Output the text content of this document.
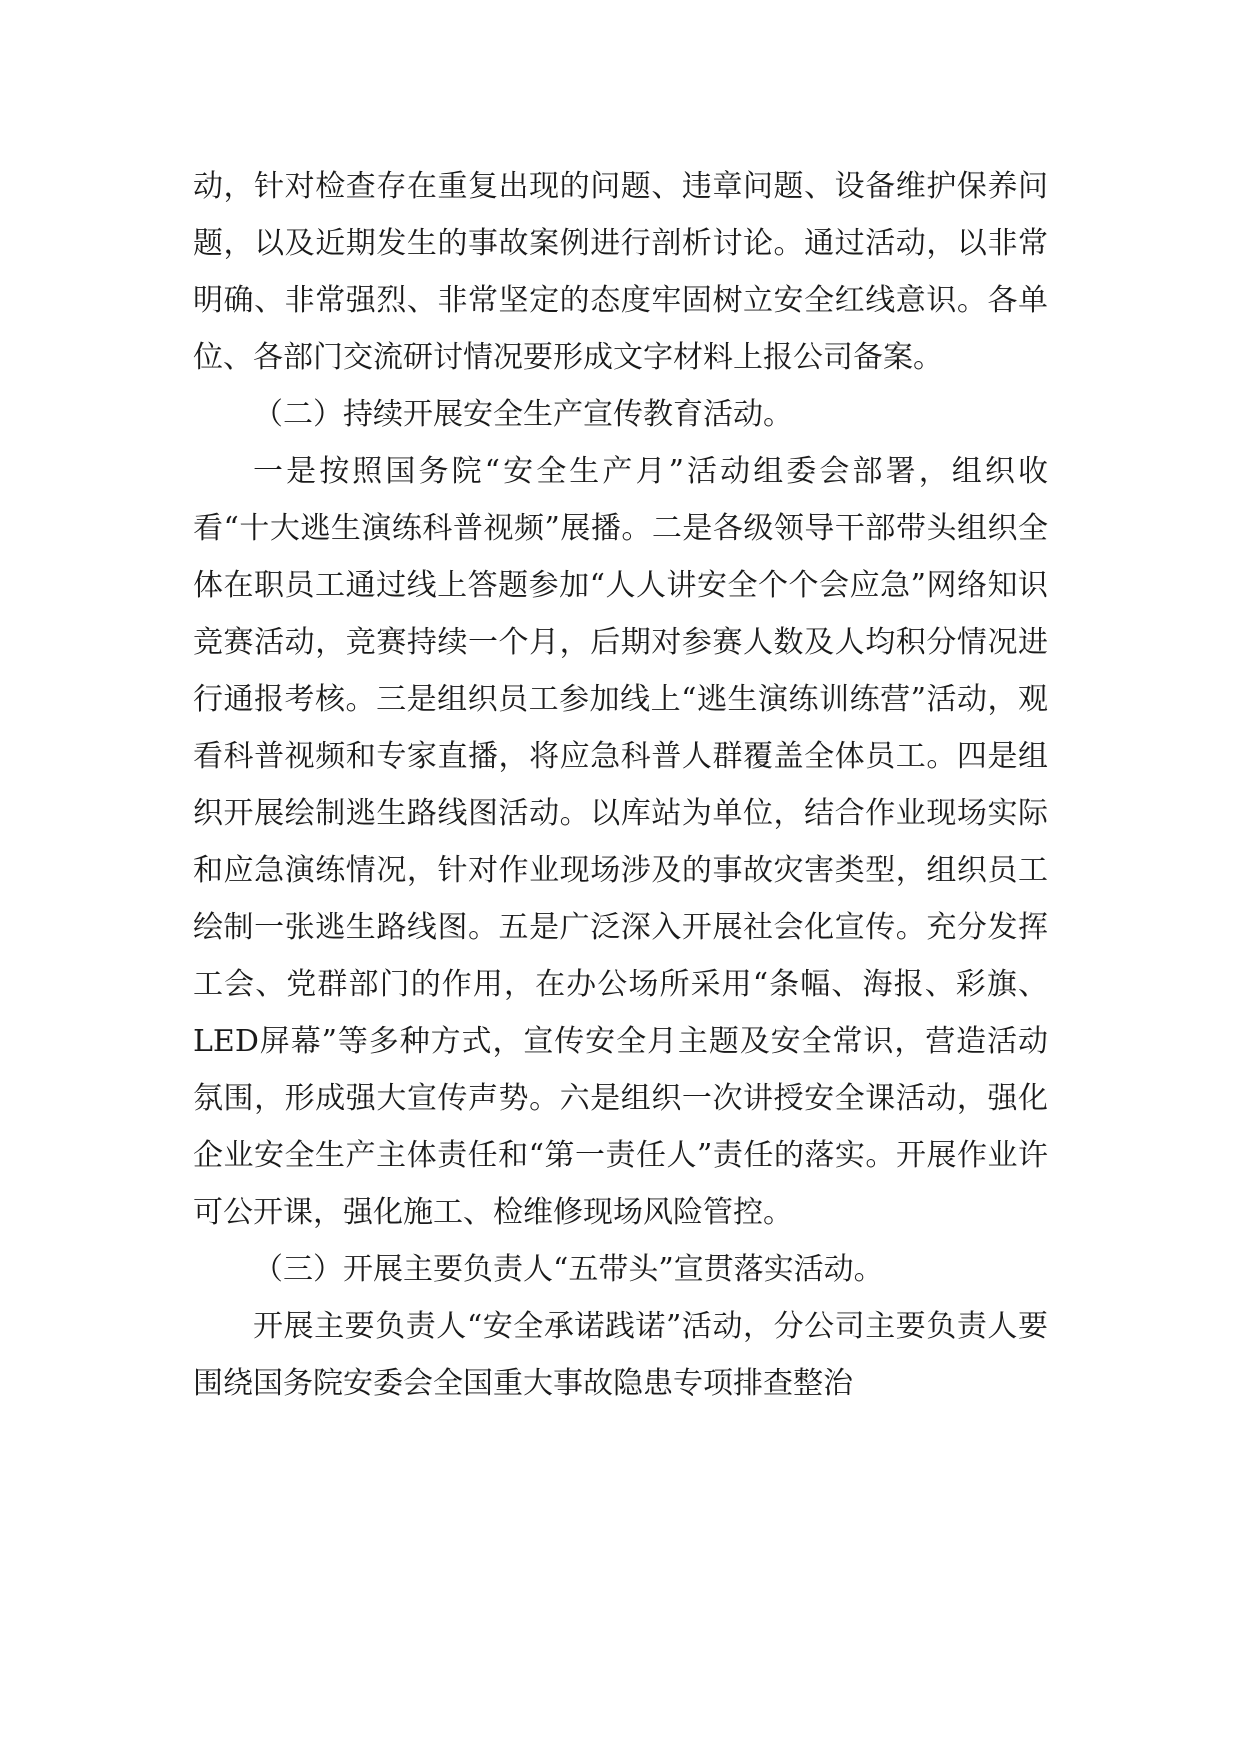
动，针对检查存在重复出现的问题、违章问题、设备维护保养问题，以及近期发生的事故案例进行剖析讨论。通过活动，以非常明确、非常强烈、非常坚定的态度牢固树立安全红线意识。各单位、各部门交流研讨情况要形成文字材料上报公司备案。

（二）持续开展安全生产宣传教育活动。

一是按照国务院“安全生产月”活动组委会部署，组织收看“十大逃生演练科普视频”展播。二是各级领导干部带头组织全体在职员工通过线上答题参加“人人讲安全个个会应急”网络知识竞赛活动，竞赛持续一个月，后期对参赛人数及人均积分情况进行通报考核。三是组织员工参加线上“逃生演练训练营”活动，观看科普视频和专家直播，将应急科普人群覆盖全体员工。四是组织开展绘制逃生路线图活动。以库站为单位，结合作业现场实际和应急演练情况，针对作业现场涉及的事故灾害类型，组织员工绘制一张逃生路线图。五是广泛深入开展社会化宣传。充分发挥工会、党群部门的作用，在办公场所采用“条幅、海报、彩旗、LED屏幕”等多种方式，宣传安全月主题及安全常识，营造活动氛围，形成强大宣传声势。六是组织一次讲授安全课活动，强化企业安全生产主体责任和“第一责任人”责任的落实。开展作业许可公开课，强化施工、检维修现场风险管控。

（三）开展主要负责人“五带头”宣贯落实活动。

开展主要负责人“安全承诺践诺”活动，分公司主要负责人要围绕国务院安委会全国重大事故隐患专项排查整治
